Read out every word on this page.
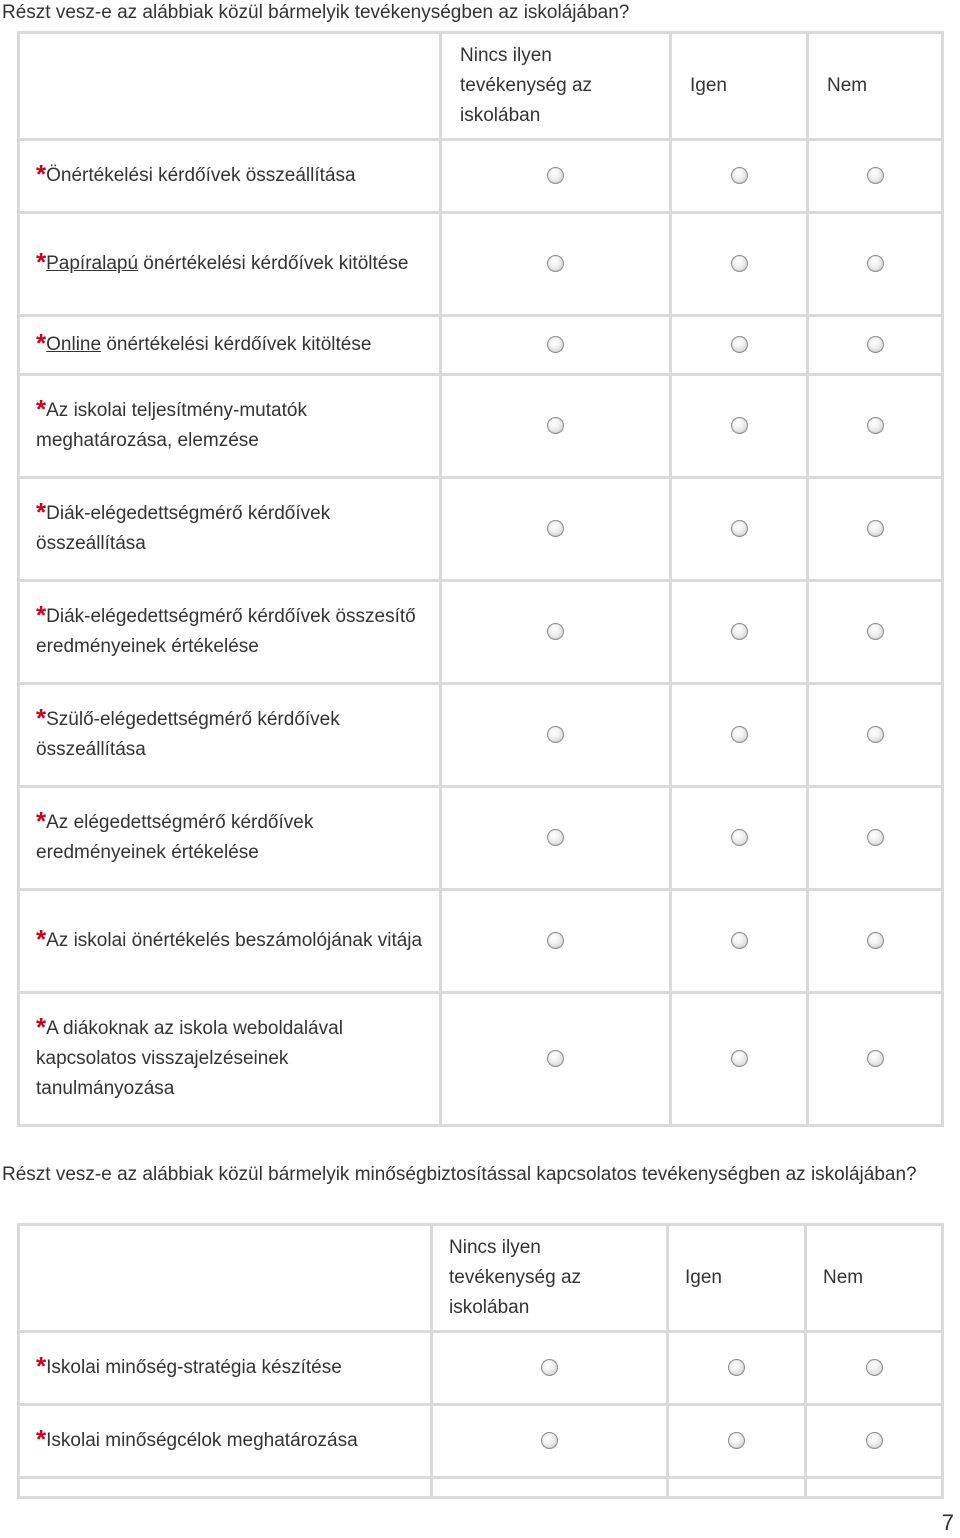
Részt vesz-e az alábbiak közül bármelyik tevékenységben az iskolájában?
	Nincs ilyen
tevékenység az
iskolában	Igen	Nem
*Önértékelési kérdőívek összeállítása			
*Papíralapú önértékelési kérdőívek kitöltése			
*Online önértékelési kérdőívek kitöltése			
*Az iskolai teljesítmény-mutatók meghatározása, elemzése			
*Diák-elégedettségmérő kérdőívek összeállítása			
*Diák-elégedettségmérő kérdőívek összesítő eredményeinek értékelése			
*Szülő-elégedettségmérő kérdőívek összeállítása			
*Az elégedettségmérő kérdőívek eredményeinek értékelése			
*Az iskolai önértékelés beszámolójának vitája			
*A diákoknak az iskola weboldalával kapcsolatos visszajelzéseinek tanulmányozása			
Részt vesz-e az alábbiak közül bármelyik minőségbiztosítással kapcsolatos tevékenységben az iskolájában?
	Nincs ilyen
tevékenység az
iskolában	Igen	Nem
*Iskolai minőség-stratégia készítése			
*Iskolai minőségcélok meghatározása			

7
